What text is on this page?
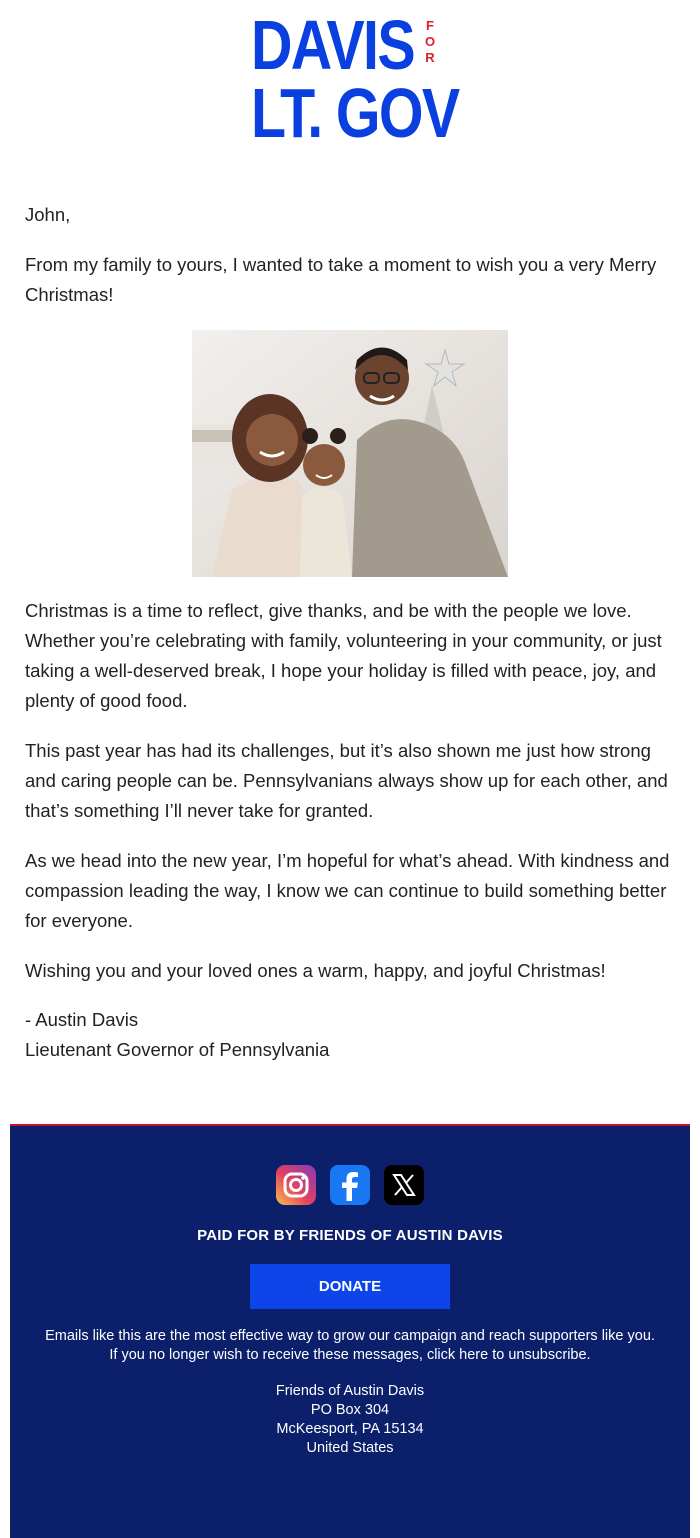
DAVIS FOR
LT. GOV

John,

From my family to yours, I wanted to take a moment to wish you a very Merry Christmas!

Christmas is a time to reflect, give thanks, and be with the people we love. Whether you’re celebrating with family, volunteering in your community, or just taking a well-deserved break, I hope your holiday is filled with peace, joy, and plenty of good food.

This past year has had its challenges, but it’s also shown me just how strong and caring people can be. Pennsylvanians always show up for each other, and that’s something I’ll never take for granted.

As we head into the new year, I’m hopeful for what’s ahead. With kindness and compassion leading the way, I know we can continue to build something better for everyone.

Wishing you and your loved ones a warm, happy, and joyful Christmas!

- Austin Davis

Lieutenant Governor of Pennsylvania

PAID FOR BY FRIENDS OF AUSTIN DAVIS
DONATE
Emails like this are the most effective way to grow our campaign and reach supporters like you. If you no longer wish to receive these messages, click here to unsubscribe.
Friends of Austin Davis
PO Box 304
McKeesport, PA 15134
United States
